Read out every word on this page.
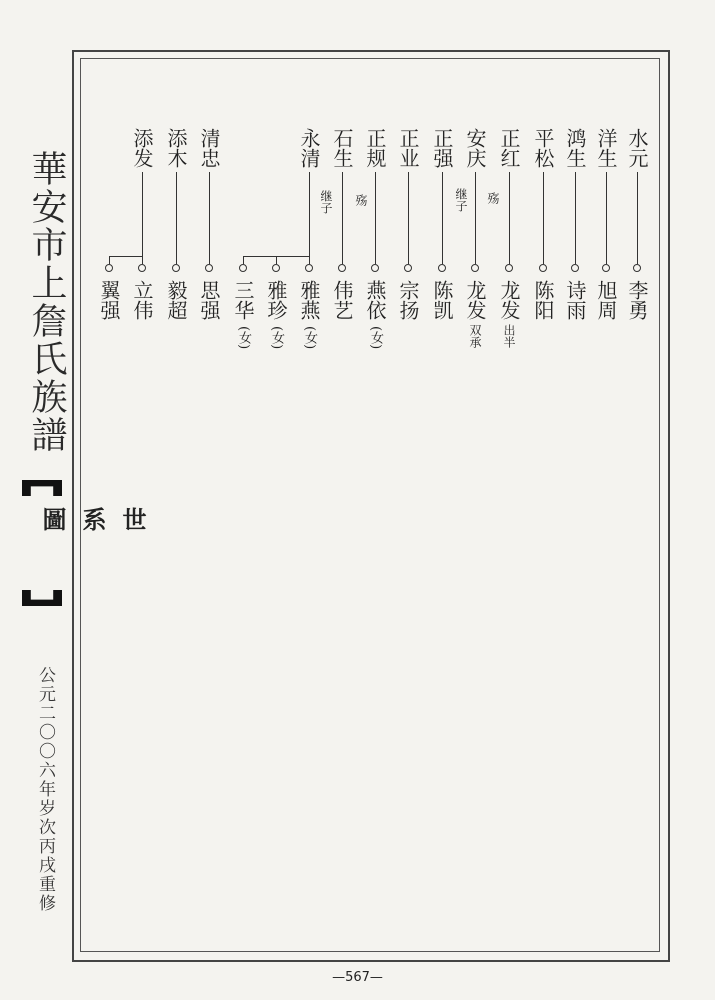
華安市上詹氏族譜
世系圖
公元二〇〇六年岁次丙戌重修
水元
李勇
洋生
旭周
鸿生
诗雨
平松
陈阳
正红
殇
龙发
出半
安庆
继子
龙发
双承
正强
陈凯
正业
宗扬
正规
殇
燕依
(女)
石生
继子
伟艺
永清
雅燕
(女)
雅珍
(女)
三华
(女)
清忠
思强
添木
毅超
添发
立伟
翼强
—567—
